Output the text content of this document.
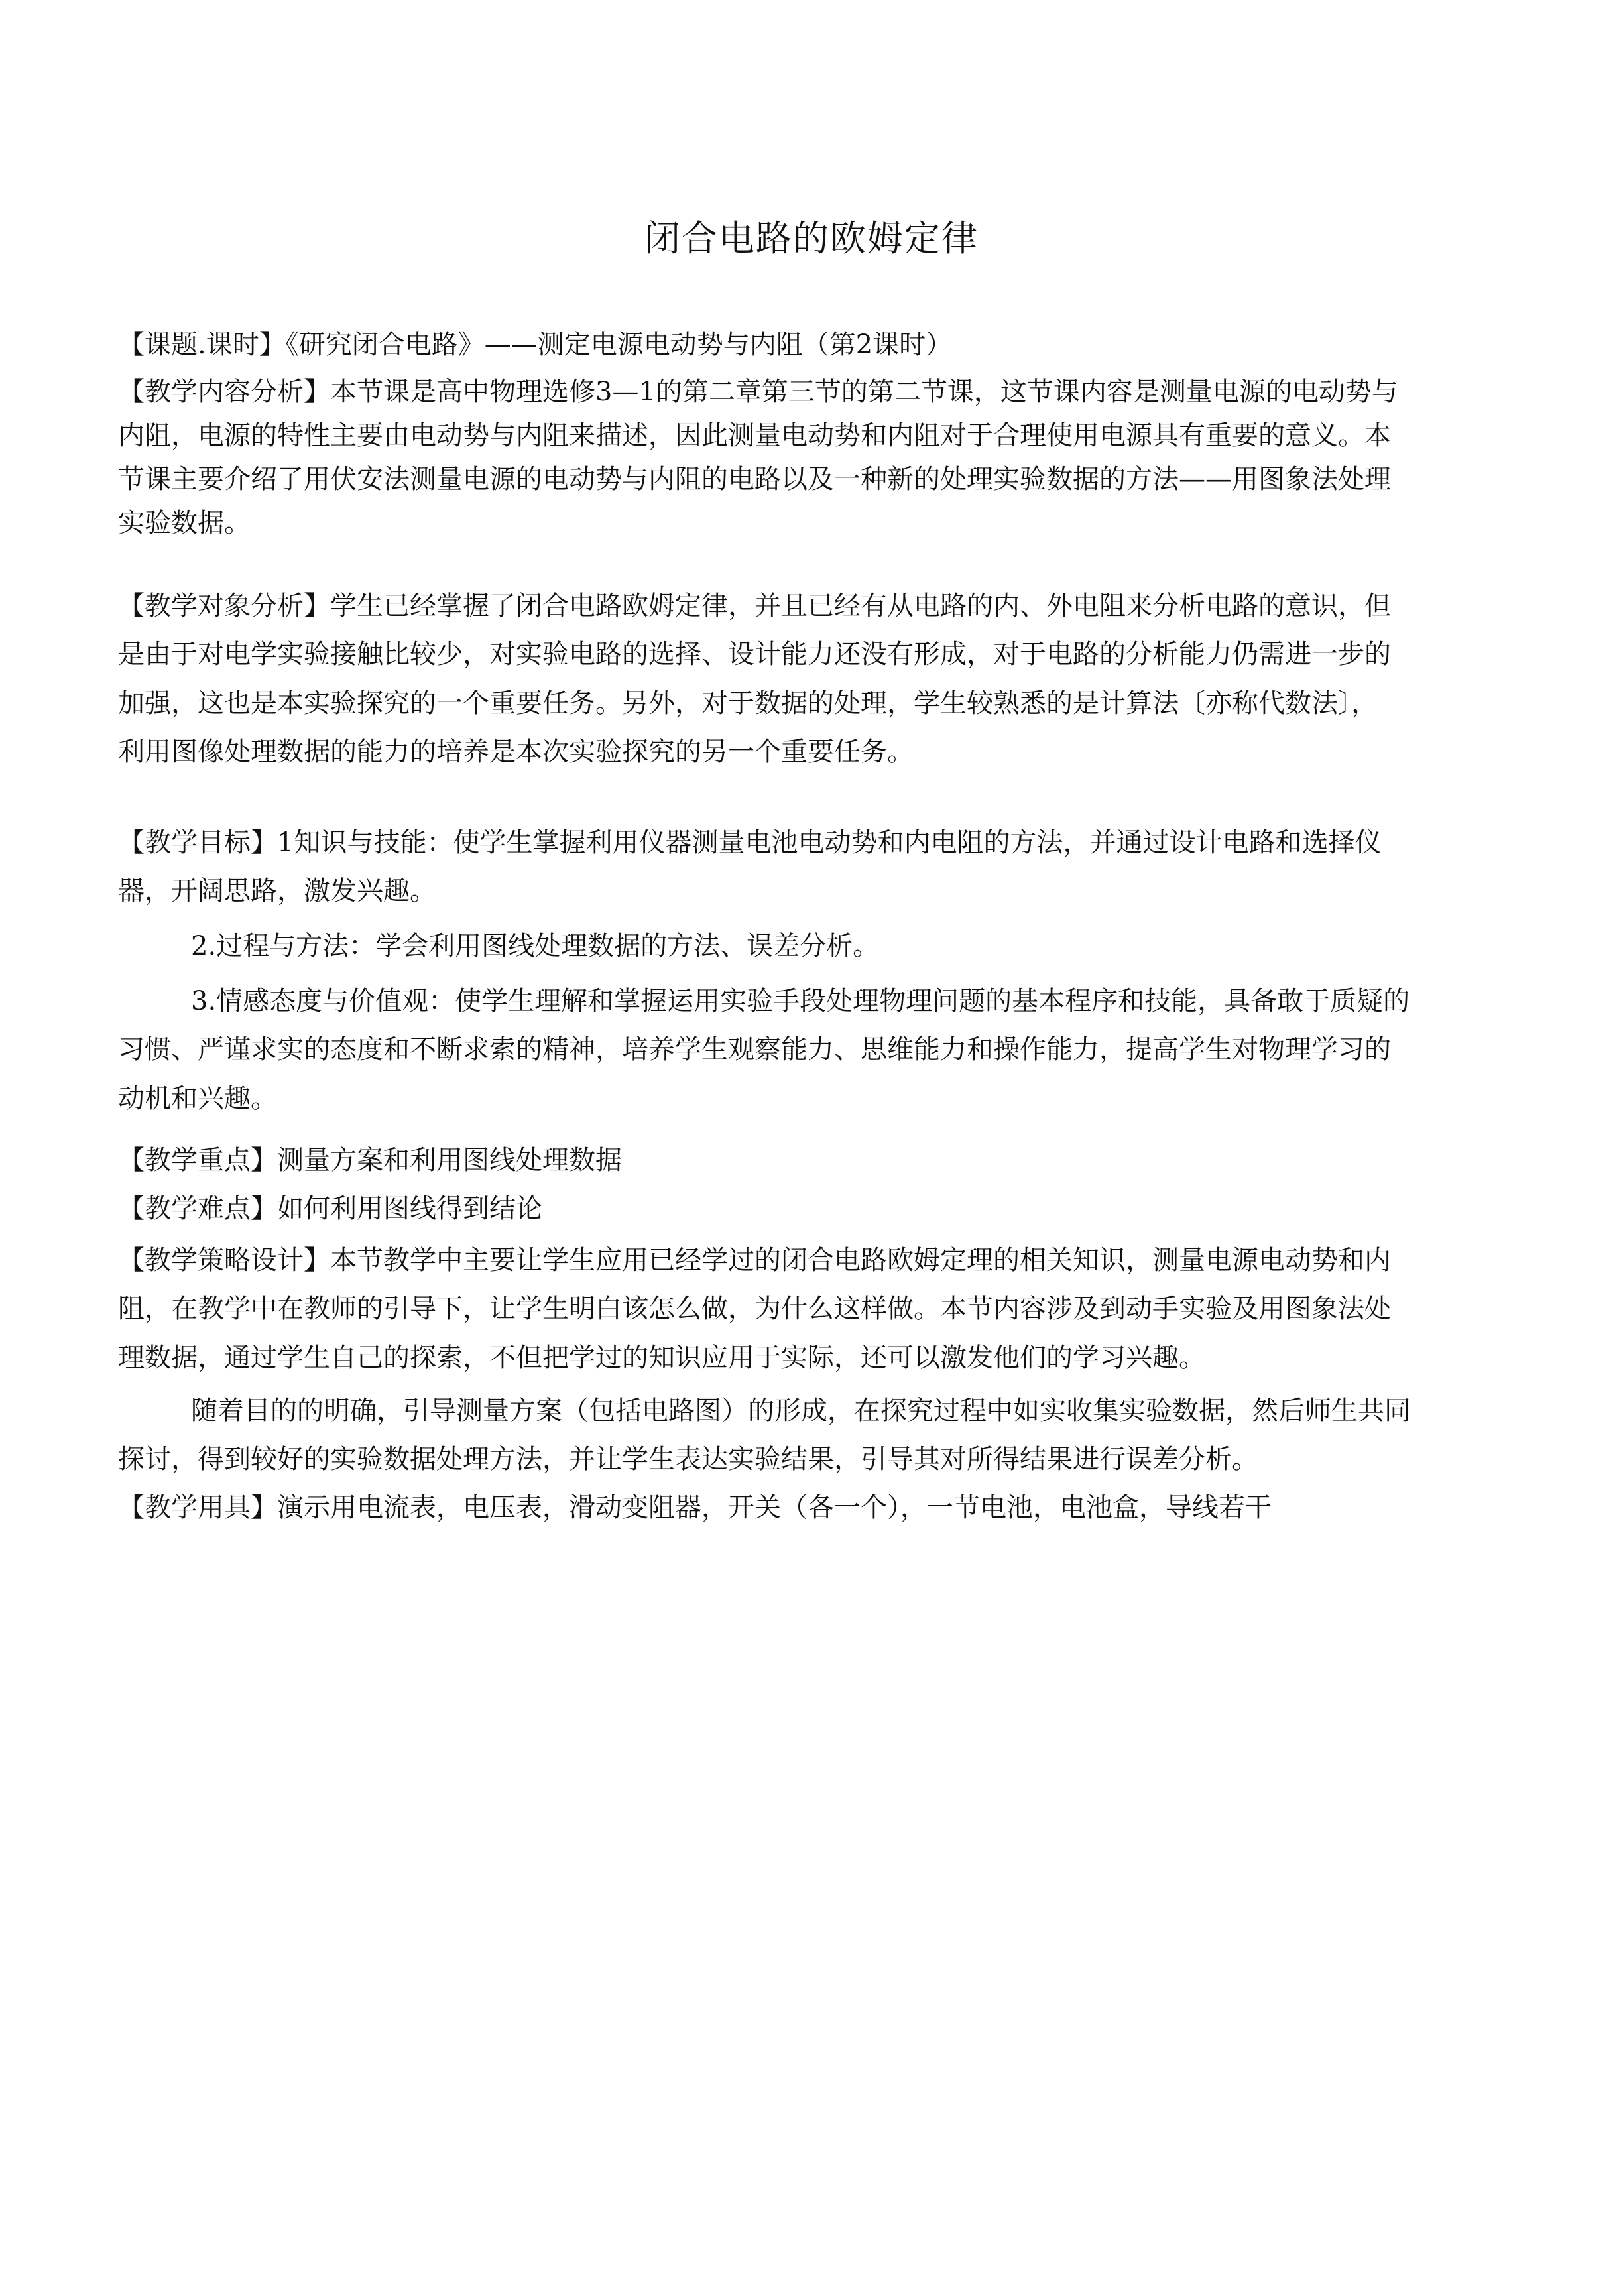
闭合电路的欧姆定律
【课题.课时】《研究闭合电路》——测定电源电动势与内阻（第2课时）
【教学内容分析】本节课是高中物理选修3—1的第二章第三节的第二节课，这节课内容是测量电源的电动势与
内阻，电源的特性主要由电动势与内阻来描述，因此测量电动势和内阻对于合理使用电源具有重要的意义。本
节课主要介绍了用伏安法测量电源的电动势与内阻的电路以及一种新的处理实验数据的方法——用图象法处理
实验数据。
【教学对象分析】学生已经掌握了闭合电路欧姆定律，并且已经有从电路的内、外电阻来分析电路的意识，但
是由于对电学实验接触比较少，对实验电路的选择、设计能力还没有形成，对于电路的分析能力仍需进一步的
加强，这也是本实验探究的一个重要任务。另外，对于数据的处理，学生较熟悉的是计算法〔亦称代数法〕，
利用图像处理数据的能力的培养是本次实验探究的另一个重要任务。
【教学目标】1知识与技能：使学生掌握利用仪器测量电池电动势和内电阻的方法，并通过设计电路和选择仪
器，开阔思路，激发兴趣。
2.过程与方法：学会利用图线处理数据的方法、误差分析。
3.情感态度与价值观：使学生理解和掌握运用实验手段处理物理问题的基本程序和技能，具备敢于质疑的
习惯、严谨求实的态度和不断求索的精神，培养学生观察能力、思维能力和操作能力，提高学生对物理学习的
动机和兴趣。
【教学重点】测量方案和利用图线处理数据
【教学难点】如何利用图线得到结论
【教学策略设计】本节教学中主要让学生应用已经学过的闭合电路欧姆定理的相关知识，测量电源电动势和内
阻，在教学中在教师的引导下，让学生明白该怎么做，为什么这样做。本节内容涉及到动手实验及用图象法处
理数据，通过学生自己的探索，不但把学过的知识应用于实际，还可以激发他们的学习兴趣。
随着目的的明确，引导测量方案（包括电路图）的形成，在探究过程中如实收集实验数据，然后师生共同
探讨，得到较好的实验数据处理方法，并让学生表达实验结果，引导其对所得结果进行误差分析。
【教学用具】演示用电流表，电压表，滑动变阻器，开关（各一个），一节电池，电池盒，导线若干
